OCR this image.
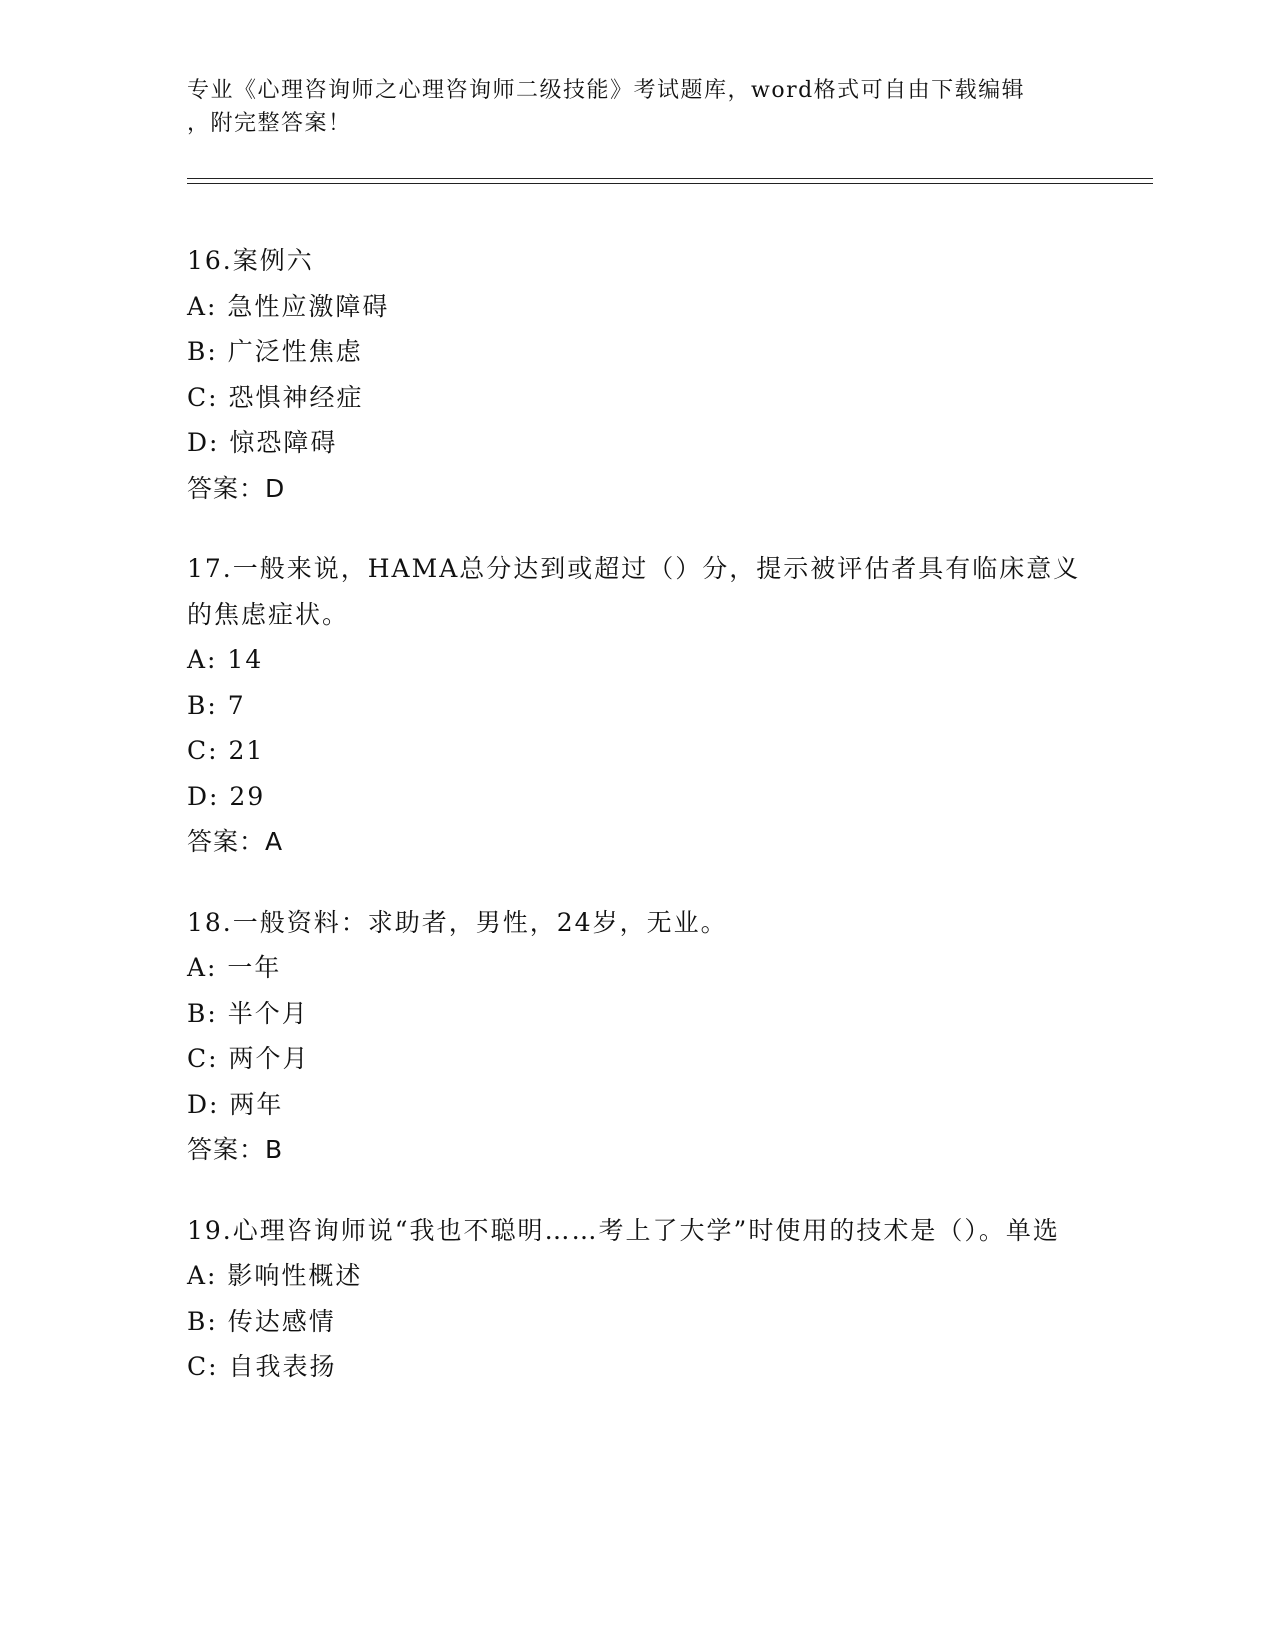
专业《心理咨询师之心理咨询师二级技能》考试题库，word格式可自由下载编辑
，附完整答案！
16.案例六
A: 急性应激障碍
B: 广泛性焦虑
C: 恐惧神经症
D: 惊恐障碍
答案：D
17.一般来说，HAMA总分达到或超过（）分，提示被评估者具有临床意义的焦虑症状。
A: 14
B: 7
C: 21
D: 29
答案：A
18.一般资料：求助者，男性，24岁，无业。
A: 一年
B: 半个月
C: 两个月
D: 两年
答案：B
19.心理咨询师说“我也不聪明……考上了大学”时使用的技术是（）。单选
A: 影响性概述
B: 传达感情
C: 自我表扬
